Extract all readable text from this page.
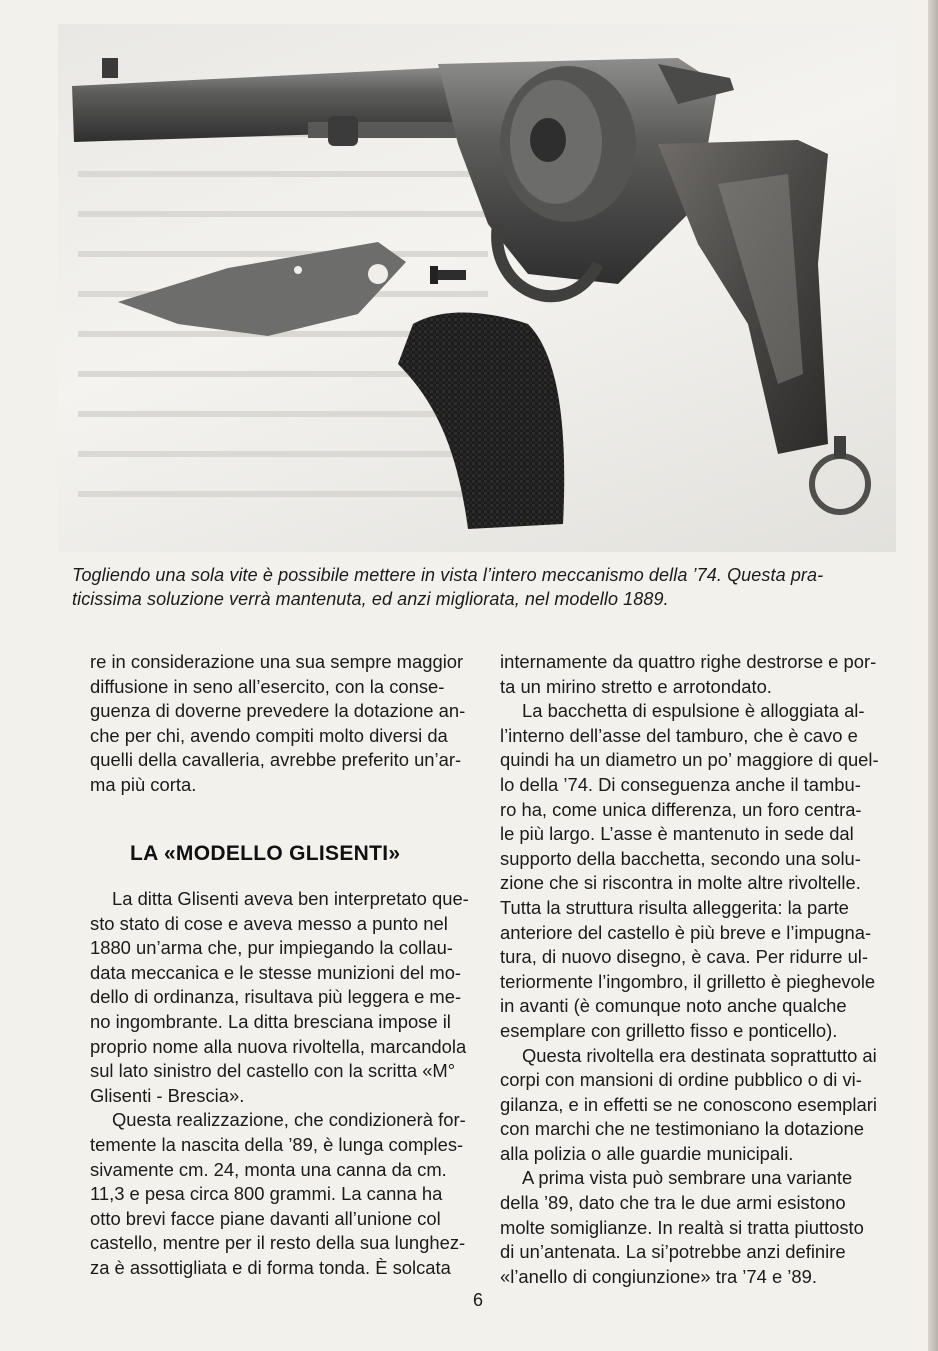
Togliendo una sola vite è possibile mettere in vista l’intero meccanismo della ’74. Questa pra-
ticissima soluzione verrà mantenuta, ed anzi migliorata, nel modello 1889.
re in considerazione una sua sempre maggior
diffusione in seno all’esercito, con la conse-
guenza di doverne prevedere la dotazione an-
che per chi, avendo compiti molto diversi da
quelli della cavalleria, avrebbe preferito un’ar-
ma più corta.
LA «MODELLO GLISENTI»
La ditta Glisenti aveva ben interpretato que-
sto stato di cose e aveva messo a punto nel
1880 un’arma che, pur impiegando la collau-
data meccanica e le stesse munizioni del mo-
dello di ordinanza, risultava più leggera e me-
no ingombrante. La ditta bresciana impose il
proprio nome alla nuova rivoltella, marcandola
sul lato sinistro del castello con la scritta «M°
Glisenti - Brescia».
Questa realizzazione, che condizionerà for-
temente la nascita della ’89, è lunga comples-
sivamente cm. 24, monta una canna da cm.
11,3 e pesa circa 800 grammi. La canna ha
otto brevi facce piane davanti all’unione col
castello, mentre per il resto della sua lunghez-
za è assottigliata e di forma tonda. È solcata
internamente da quattro righe destrorse e por-
ta un mirino stretto e arrotondato.
La bacchetta di espulsione è alloggiata al-
l’interno dell’asse del tamburo, che è cavo e
quindi ha un diametro un po’ maggiore di quel-
lo della ’74. Di conseguenza anche il tambu-
ro ha, come unica differenza, un foro centra-
le più largo. L’asse è mantenuto in sede dal
supporto della bacchetta, secondo una solu-
zione che si riscontra in molte altre rivoltelle.
Tutta la struttura risulta alleggerita: la parte
anteriore del castello è più breve e l’impugna-
tura, di nuovo disegno, è cava. Per ridurre ul-
teriormente l’ingombro, il grilletto è pieghevole
in avanti (è comunque noto anche qualche
esemplare con grilletto fisso e ponticello).
Questa rivoltella era destinata soprattutto ai
corpi con mansioni di ordine pubblico o di vi-
gilanza, e in effetti se ne conoscono esemplari
con marchi che ne testimoniano la dotazione
alla polizia o alle guardie municipali.
A prima vista può sembrare una variante
della ’89, dato che tra le due armi esistono
molte somiglianze. In realtà si tratta piuttosto
di un’antenata. La si’potrebbe anzi definire
«l’anello di congiunzione» tra ’74 e ’89.
6
